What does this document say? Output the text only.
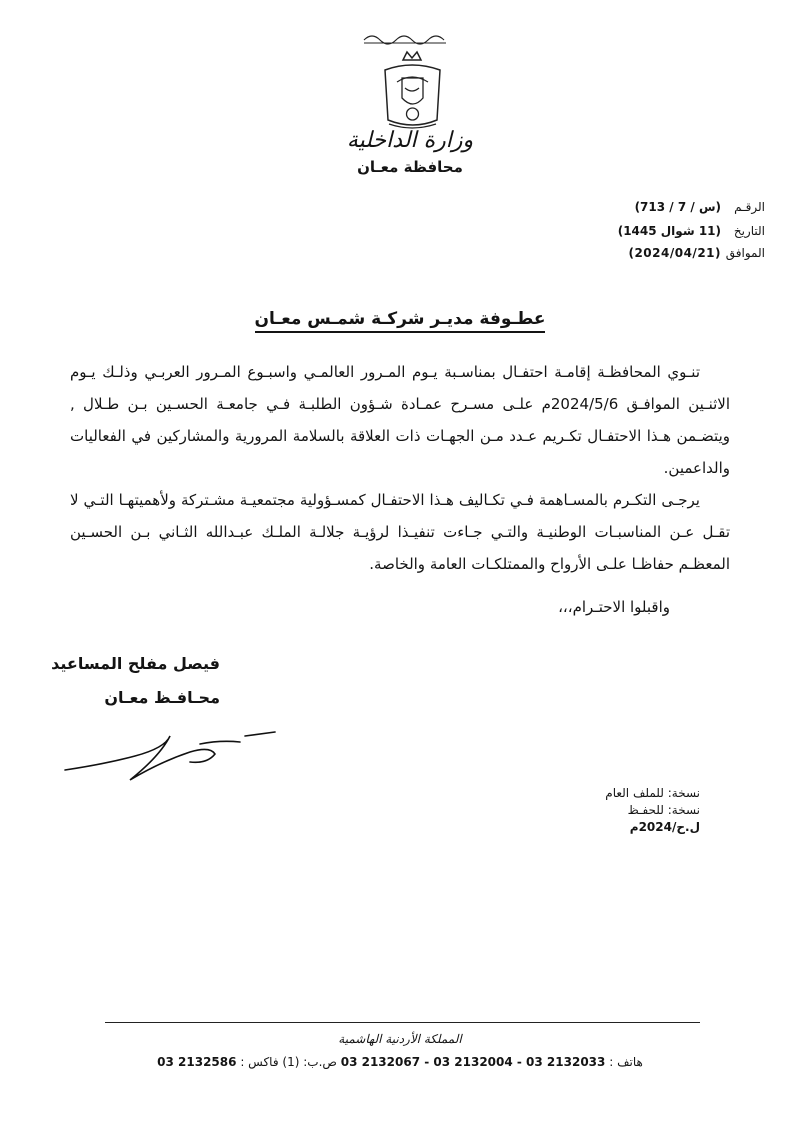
وزارة الداخلية
محافظة معـان
الرقـم
(س / 7 / 713)
التاريخ
(11 شوال 1445)
الموافق
(2024/04/21)
عطـوفة مديـر شركـة شمـس معـان
تنـوي المحافظـة إقامـة احتفـال بمناسـبة يـوم المـرور العالمـي واسبـوع المـرور العربـي وذلـك يـوم الاثنـين الموافـق 2024/5/6م علـى مسـرح عمـادة شـؤون الطلبـة فـي جامعـة الحسـين بـن طـلال , ويتضـمن هـذا الاحتفـال تكـريم عـدد مـن الجهـات ذات العلاقة بالسلامة المرورية والمشاركين في الفعاليات والداعمين.
يرجـى التكـرم بالمسـاهمة فـي تكـاليف هـذا الاحتفـال كمسـؤولية مجتمعيـة مشـتركة ولأهميتهـا التـي لا تقـل عـن المناسبـات الوطنيـة والتـي جـاءت تنفيـذا لرؤيـة جلالـة الملـك عبـدالله الثـاني بـن الحسـين المعظـم حفاظـا علـى الأرواح والممتلكـات العامة والخاصة.
واقبلوا الاحتـرام،،،
فيصل مفلح المساعيد
محـافـظ معـان
نسخة: للملف العام
نسخة: للحفـظ
ل.ح/2024م
المملكة الأردنية الهاشمية
هاتف : 03 2132067 - 03 2132004 - 03 2132033 ص.ب: (1) فاكس : 03 2132586
